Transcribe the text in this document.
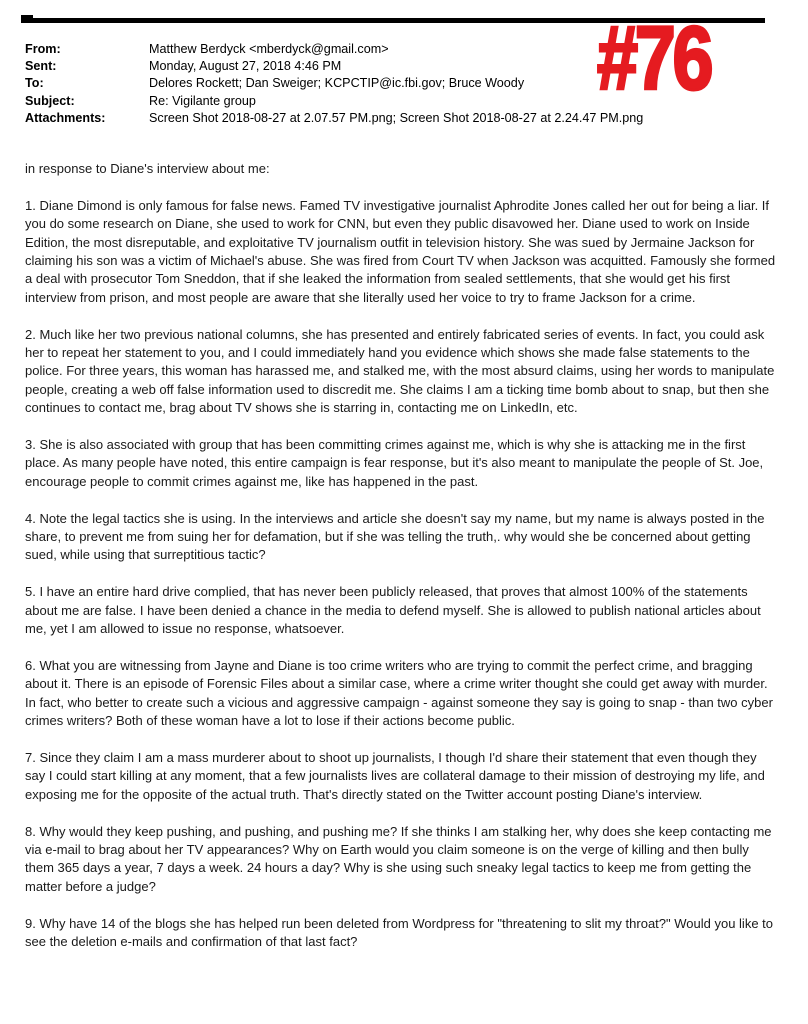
#76
From:	Matthew Berdyck <mberdyck@gmail.com>
Sent:	Monday, August 27, 2018 4:46 PM
To:	Delores Rockett; Dan Sweiger; KCPCTIP@ic.fbi.gov; Bruce Woody
Subject:	Re: Vigilante group
Attachments:	Screen Shot 2018-08-27 at 2.07.57 PM.png; Screen Shot 2018-08-27 at 2.24.47 PM.png

in response to Diane's interview about me:

1. Diane Dimond is only famous for false news. Famed TV investigative journalist Aphrodite Jones called her out for being a liar. If you do some research on Diane, she used to work for CNN, but even they public disavowed her. Diane used to work on Inside Edition, the most disreputable, and exploitative TV journalism outfit in television history. She was sued by Jermaine Jackson for claiming his son was a victim of Michael's abuse. She was fired from Court TV when Jackson was acquitted. Famously she formed a deal with prosecutor Tom Sneddon, that if she leaked the information from sealed settlements, that she would get his first interview from prison, and most people are aware that she literally used her voice to try to frame Jackson for a crime.

2. Much like her two previous national columns, she has presented and entirely fabricated series of events. In fact, you could ask her to repeat her statement to you, and I could immediately hand you evidence which shows she made false statements to the police. For three years, this woman has harassed me, and stalked me, with the most absurd claims, using her words to manipulate people, creating a web off false information used to discredit me. She claims I am a ticking time bomb about to snap, but then she continues to contact me, brag about TV shows she is starring in, contacting me on LinkedIn, etc.

3. She is also associated with group that has been committing crimes against me, which is why she is attacking me in the first place. As many people have noted, this entire campaign is fear response, but it's also meant to manipulate the people of St. Joe, encourage people to commit crimes against me, like has happened in the past.

4. Note the legal tactics she is using. In the interviews and article she doesn't say my name, but my name is always posted in the share, to prevent me from suing her for defamation, but if she was telling the truth,. why would she be concerned about getting sued, while using that surreptitious tactic?

5. I have an entire hard drive complied, that has never been publicly released, that proves that almost 100% of the statements about me are false. I have been denied a chance in the media to defend myself. She is allowed to publish national articles about me, yet I am allowed to issue no response, whatsoever.

6. What you are witnessing from Jayne and Diane is too crime writers who are trying to commit the perfect crime, and bragging about it. There is an episode of Forensic Files about a similar case, where a crime writer thought she could get away with murder. In fact, who better to create such a vicious and aggressive campaign - against someone they say is going to snap - than two cyber crimes writers? Both of these woman have a lot to lose if their actions become public.

7. Since they claim I am a mass murderer about to shoot up journalists, I though I'd share their statement that even though they say I could start killing at any moment, that a few journalists lives are collateral damage to their mission of destroying my life, and exposing me for the opposite of the actual truth. That's directly stated on the Twitter account posting Diane's interview.

8. Why would they keep pushing, and pushing, and pushing me? If she thinks I am stalking her, why does she keep contacting me via e-mail to brag about her TV appearances? Why on Earth would you claim someone is on the verge of killing and then bully them 365 days a year, 7 days a week. 24 hours a day? Why is she using such sneaky legal tactics to keep me from getting the matter before a judge?

9. Why have 14 of the blogs she has helped run been deleted from Wordpress for "threatening to slit my throat?" Would you like to see the deletion e-mails and confirmation of that last fact?
